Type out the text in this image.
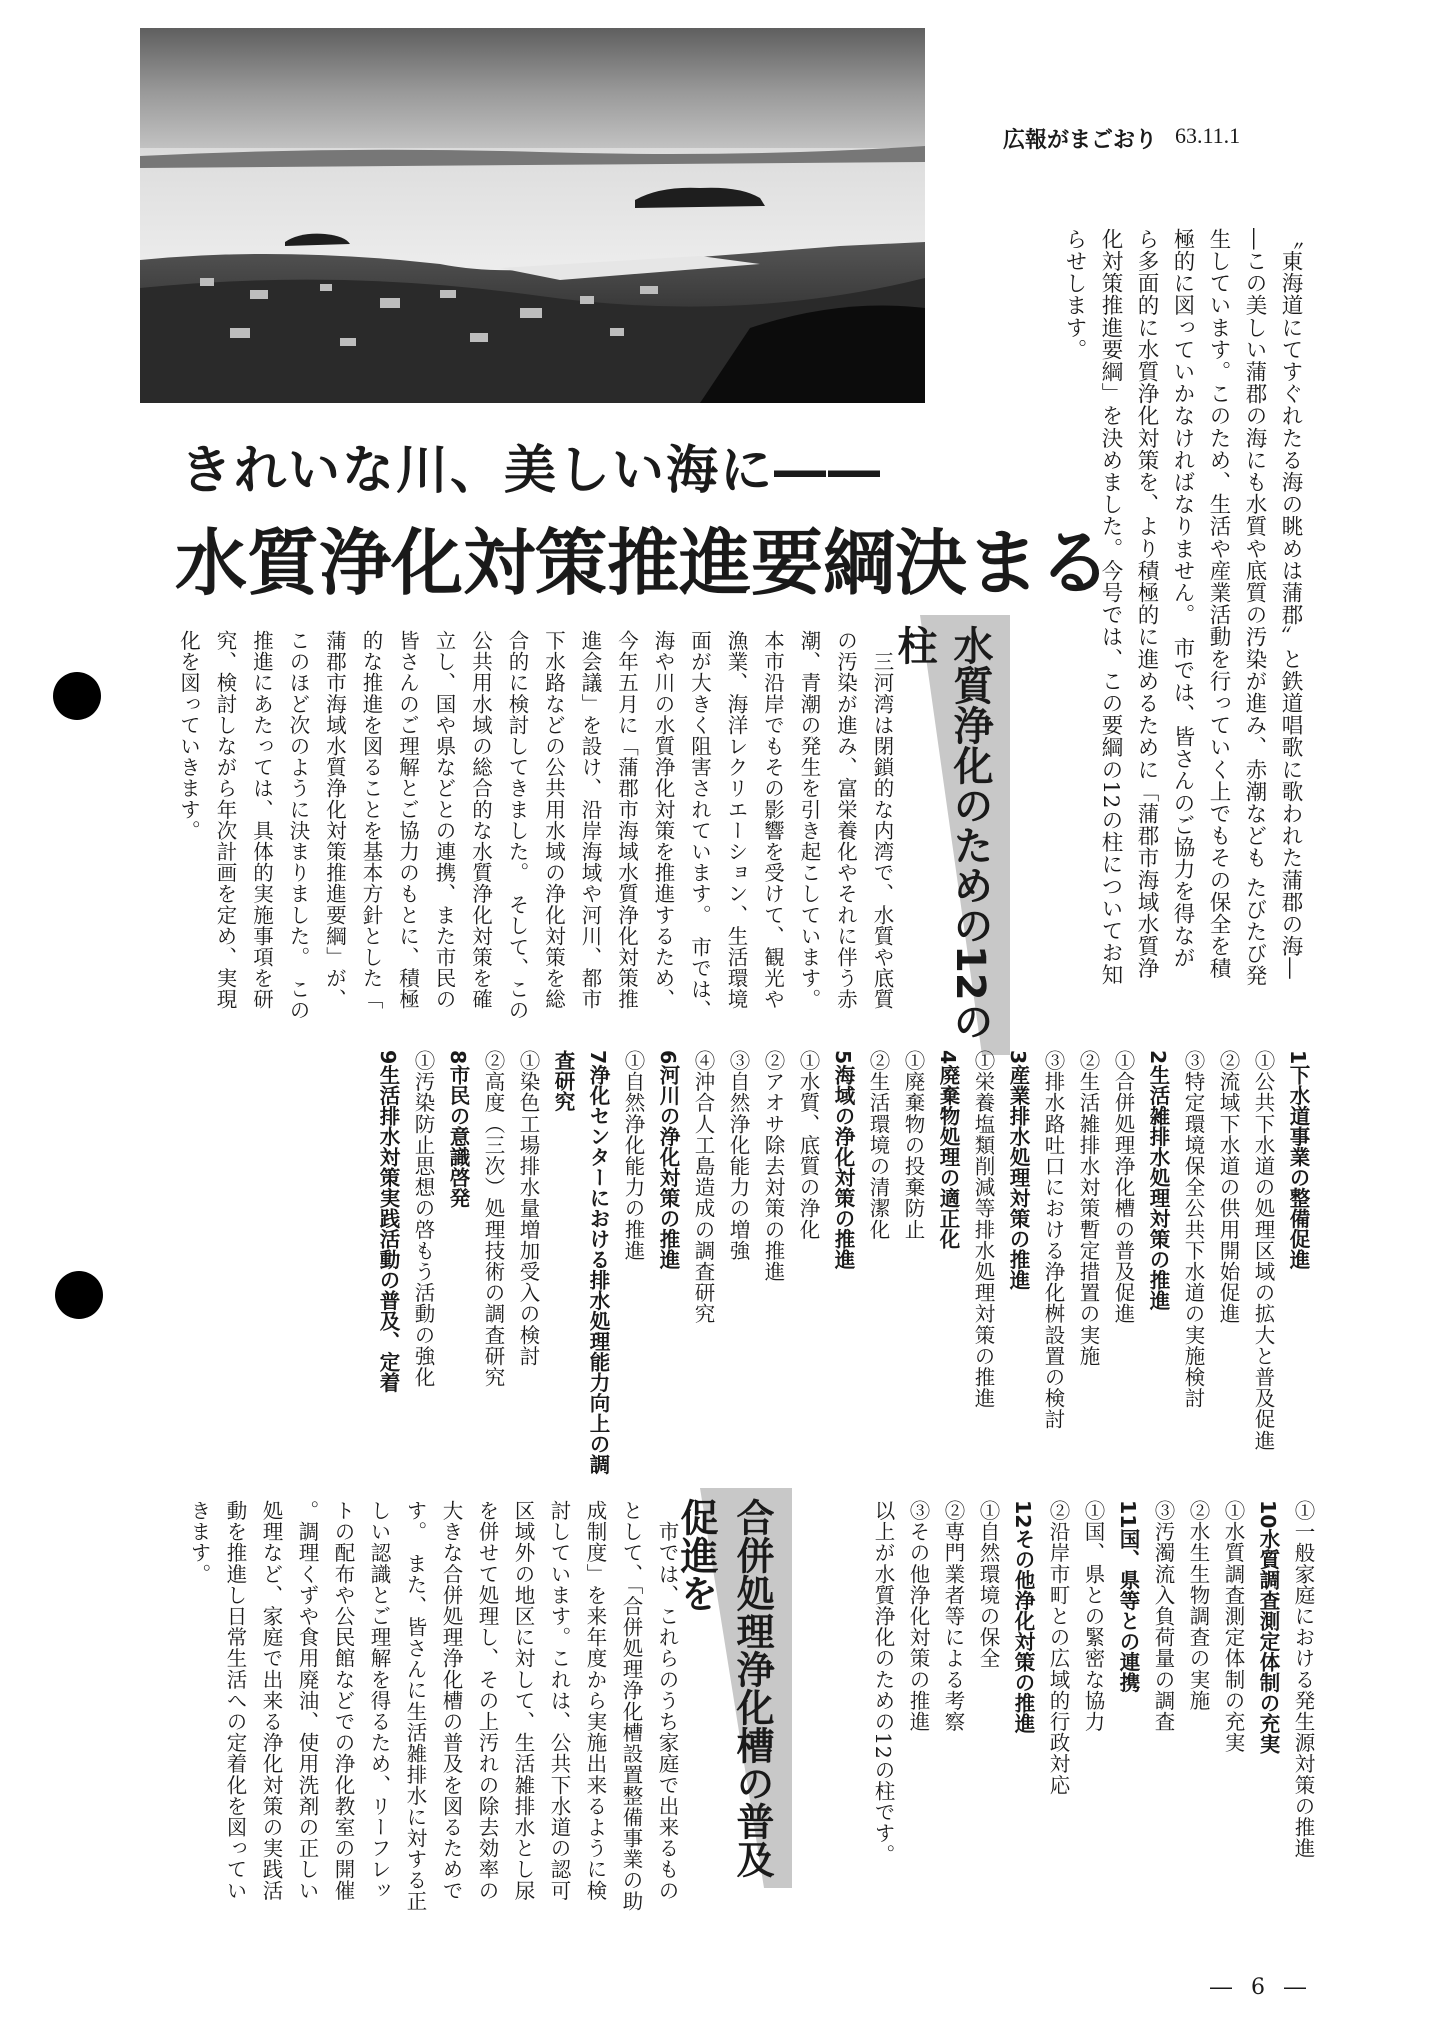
広報がまごおり 63.11.1
〝東海道にてすぐれたる海の眺めは蒲郡〟と鉄道唱歌に歌われた蒲郡の海――この美しい蒲郡の海にも水質や底質の汚染が進み、赤潮なども たびたび発生しています。このため、生活や産業活動を行っていく上でもその保全を積極的に図っていかなければなりません。　市では、皆さんのご協力を得ながら多面的に水質浄化対策を、より積極的に進めるために「蒲郡市海域水質浄化対策推進要綱」を決めました。今号では、この要綱の12の柱についてお知らせします。
きれいな川、美しい海に――
水質浄化対策推進要綱決まる
水質浄化のための12の柱
　三河湾は閉鎖的な内湾で、水質や底質の汚染が進み、富栄養化やそれに伴う赤潮、青潮の発生を引き起こしています。本市沿岸でもその影響を受けて、観光や漁業、海洋レクリエーション、生活環境面が大きく阻害されています。　市では、海や川の水質浄化対策を推進するため、今年五月に「蒲郡市海域水質浄化対策推進会議」を設け、沿岸海域や河川、都市下水路などの公共用水域の浄化対策を総合的に検討してきました。　そして、この公共用水域の総合的な水質浄化対策を確立し、国や県などとの連携、また市民の皆さんのご理解とご協力のもとに、積極的な推進を図ることを基本方針とした「蒲郡市海域水質浄化対策推進要綱」が、このほど次のように決まりました。　この推進にあたっては、具体的実施事項を研究、検討しながら年次計画を定め、実現化を図っていきます。
1下水道事業の整備促進
①公共下水道の処理区域の拡大と普及促進
②流域下水道の供用開始促進
③特定環境保全公共下水道の実施検討
2生活雑排水処理対策の推進
①合併処理浄化槽の普及促進
②生活雑排水対策暫定措置の実施
③排水路吐口における浄化桝設置の検討
3産業排水処理対策の推進
①栄養塩類削減等排水処理対策の推進
4廃棄物処理の適正化
①廃棄物の投棄防止
②生活環境の清潔化
5海域の浄化対策の推進
①水質、底質の浄化
②アオサ除去対策の推進
③自然浄化能力の増強
④沖合人工島造成の調査研究
6河川の浄化対策の推進
①自然浄化能力の推進
7浄化センターにおける排水処理能力向上の調査研究
①染色工場排水量増加受入の検討
②高度（三次）処理技術の調査研究
8市民の意識啓発
①汚染防止思想の啓もう活動の強化
9生活排水対策実践活動の普及、定着
①一般家庭における発生源対策の推進
10水質調査測定体制の充実
①水質調査測定体制の充実
②水生生物調査の実施
③汚濁流入負荷量の調査
11国、県等との連携
①国、県との緊密な協力
②沿岸市町との広域的行政対応
12その他浄化対策の推進
①自然環境の保全
②専門業者等による考察
③その他浄化対策の推進
以上が水質浄化のための12の柱です。
合併処理浄化槽の普及促進を
　市では、これらのうち家庭で出来るものとして、「合併処理浄化槽設置整備事業の助成制度」を来年度から実施出来るように検討しています。これは、公共下水道の認可区域外の地区に対して、生活雑排水とし尿を併せて処理し、その上汚れの除去効率の大きな合併処理浄化槽の普及を図るためです。　また、皆さんに生活雑排水に対する正しい認識とご理解を得るため、リーフレットの配布や公民館などでの浄化教室の開催。調理くずや食用廃油、使用洗剤の正しい処理など、家庭で出来る浄化対策の実践活動を推進し日常生活への定着化を図っていきます。
― 6 ―
